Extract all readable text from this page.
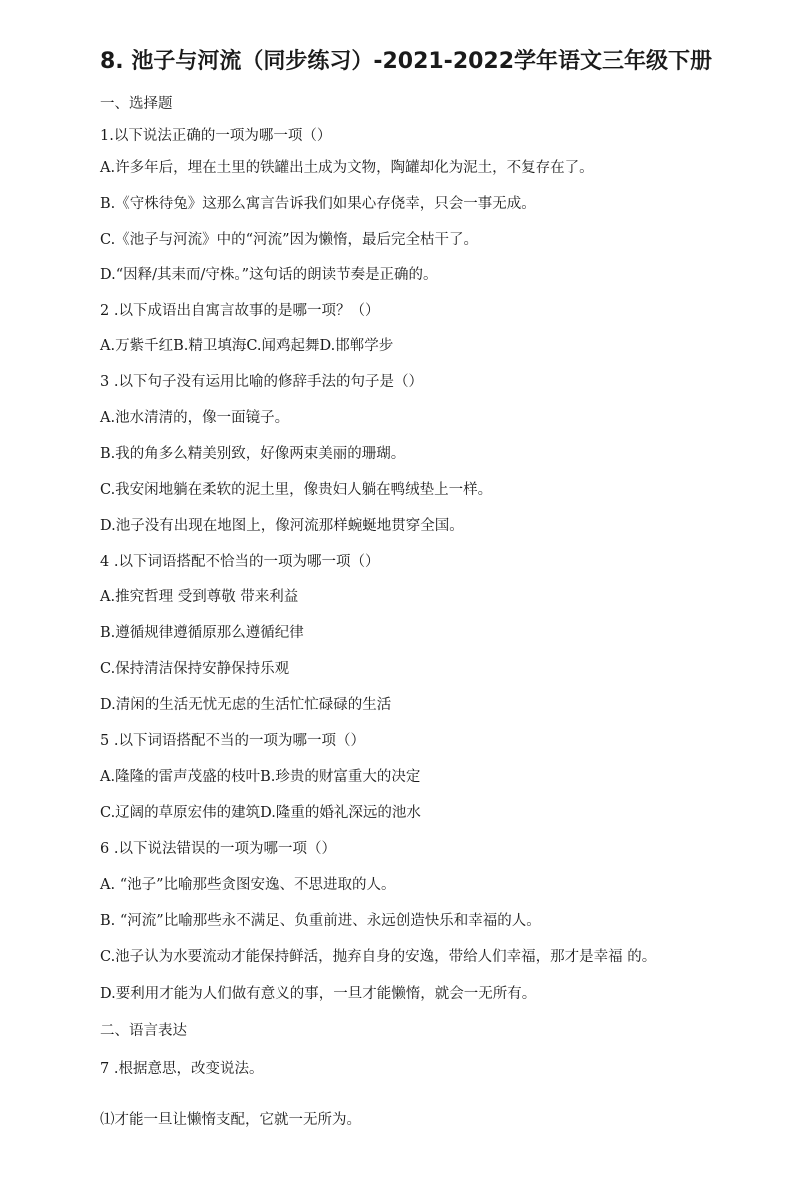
8. 池子与河流（同步练习）-2021-2022学年语文三年级下册
一、选择题
1.以下说法正确的一项为哪一项（）
A.许多年后，埋在土里的铁罐出土成为文物，陶罐却化为泥土，不复存在了。
B.《守株待兔》这那么寓言告诉我们如果心存侥幸，只会一事无成。
C.《池子与河流》中的“河流”因为懒惰，最后完全枯干了。
D.“因释/其耒而/守株。”这句话的朗读节奏是正确的。
2 .以下成语出自寓言故事的是哪一项？（）
A.万紫千红B.精卫填海C.闻鸡起舞D.邯郸学步
3 .以下句子没有运用比喻的修辞手法的句子是（）
A.池水清清的，像一面镜子。
B.我的角多么精美别致，好像两束美丽的珊瑚。
C.我安闲地躺在柔软的泥土里，像贵妇人躺在鸭绒垫上一样。
D.池子没有出现在地图上，像河流那样蜿蜒地贯穿全国。
4 .以下词语搭配不恰当的一项为哪一项（）
A.推究哲理 受到尊敬 带来利益
B.遵循规律遵循原那么遵循纪律
C.保持清洁保持安静保持乐观
D.清闲的生活无忧无虑的生活忙忙碌碌的生活
5 .以下词语搭配不当的一项为哪一项（）
A.隆隆的雷声茂盛的枝叶B.珍贵的财富重大的决定
C.辽阔的草原宏伟的建筑D.隆重的婚礼深远的池水
6 .以下说法错误的一项为哪一项（）
A. “池子”比喻那些贪图安逸、不思进取的人。
B. “河流”比喻那些永不满足、负重前进、永远创造快乐和幸福的人。
C.池子认为水要流动才能保持鲜活，抛弃自身的安逸，带给人们幸福，那才是幸福 的。
D.要利用才能为人们做有意义的事，一旦才能懒惰，就会一无所有。
二、语言表达
7 .根据意思，改变说法。
⑴才能一旦让懒惰支配，它就一无所为。
